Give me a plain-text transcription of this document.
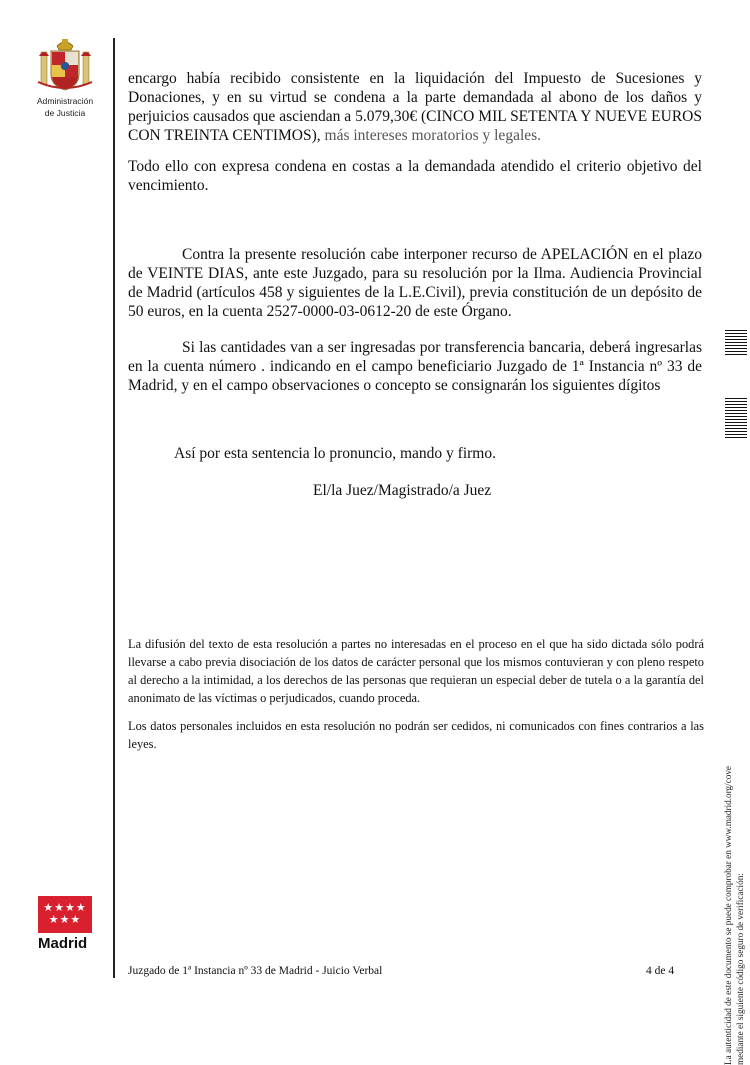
Administración
de Justicia

encargo había recibido consistente en la liquidación del Impuesto de Sucesiones y Donaciones, y en su virtud se condena a la parte demandada al abono de los daños y perjuicios causados que asciendan a 5.079,30€ (CINCO MIL SETENTA Y NUEVE EUROS CON TREINTA CENTIMOS), más intereses moratorios y legales.

Todo ello con expresa condena en costas a la demandada atendido el criterio objetivo del vencimiento.

Contra la presente resolución cabe interponer recurso de APELACIÓN en el plazo de VEINTE DIAS, ante este Juzgado, para su resolución por la Ilma. Audiencia Provincial de Madrid (artículos 458 y siguientes de la L.E.Civil), previa constitución de un depósito de 50 euros, en la cuenta 2527-0000-03-0612-20 de este Órgano.

Si las cantidades van a ser ingresadas por transferencia bancaria, deberá ingresarlas en la cuenta número . indicando en el campo beneficiario Juzgado de 1ª Instancia nº 33 de Madrid, y en el campo observaciones o concepto se consignarán los siguientes dígitos

Así por esta sentencia lo pronuncio, mando y firmo.

El/la Juez/Magistrado/a Juez

La difusión del texto de esta resolución a partes no interesadas en el proceso en el que ha sido dictada sólo podrá llevarse a cabo previa disociación de los datos de carácter personal que los mismos contuvieran y con pleno respeto al derecho a la intimidad, a los derechos de las personas que requieran un especial deber de tutela o a la garantía del anonimato de las víctimas o perjudicados, cuando proceda.

Los datos personales incluidos en esta resolución no podrán ser cedidos, ni comunicados con fines contrarios a las leyes.

La autenticidad de este documento se puede comprobar en www.madrid.org/cove mediante el siguiente código seguro de verificación:
★★★★ ★★★
Madrid

Juzgado de 1ª Instancia nº 33 de Madrid - Juicio Verbal	4 de 4
